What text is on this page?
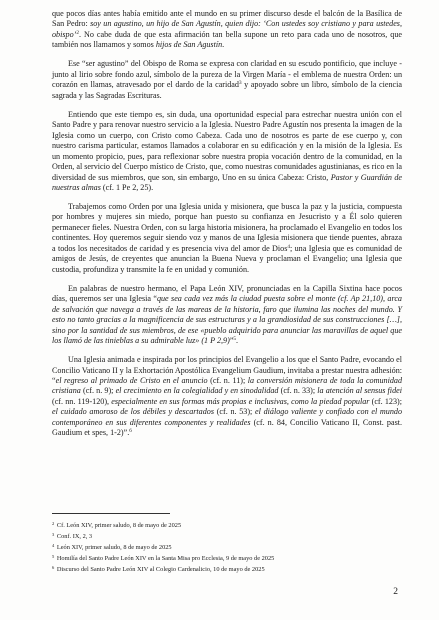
que pocos días antes había emitido ante el mundo en su primer discurso desde el balcón de la Basílica de San Pedro: soy un agustino, un hijo de San Agustín, quien dijo: ‘Con ustedes soy cristiano y para ustedes, obispo’$^2$. No cabe duda de que esta afirmación tan bella supone un reto para cada uno de nosotros, que también nos llamamos y somos hijos de San Agustín.

Ese “ser agustino” del Obispo de Roma se expresa con claridad en su escudo pontificio, que incluye - junto al lirio sobre fondo azul, símbolo de la pureza de la Virgen María - el emblema de nuestra Orden: un corazón en llamas, atravesado por el dardo de la caridad$^3$ y apoyado sobre un libro, símbolo de la ciencia sagrada y las Sagradas Escrituras.

Entiendo que este tiempo es, sin duda, una oportunidad especial para estrechar nuestra unión con el Santo Padre y para renovar nuestro servicio a la Iglesia. Nuestro Padre Agustín nos presenta la imagen de la Iglesia como un cuerpo, con Cristo como Cabeza. Cada uno de nosotros es parte de ese cuerpo y, con nuestro carisma particular, estamos llamados a colaborar en su edificación y en la misión de la Iglesia. Es un momento propicio, pues, para reflexionar sobre nuestra propia vocación dentro de la comunidad, en la Orden, al servicio del Cuerpo místico de Cristo, que, como nuestras comunidades agustinianas, es rico en la diversidad de sus miembros, que son, sin embargo, Uno en su única Cabeza: Cristo, Pastor y Guardián de nuestras almas (cf. 1 Pe 2, 25).

Trabajemos como Orden por una Iglesia unida y misionera, que busca la paz y la justicia, compuesta por hombres y mujeres sin miedo, porque han puesto su confianza en Jesucristo y a Él solo quieren permanecer fieles. Nuestra Orden, con su larga historia misionera, ha proclamado el Evangelio en todos los continentes. Hoy queremos seguir siendo voz y manos de una Iglesia misionera que tiende puentes, abraza a todos los necesitados de caridad y es presencia viva del amor de Dios$^4$; una Iglesia que es comunidad de amigos de Jesús, de creyentes que anuncian la Buena Nueva y proclaman el Evangelio; una Iglesia que custodia, profundiza y transmite la fe en unidad y comunión.

En palabras de nuestro hermano, el Papa León XIV, pronunciadas en la Capilla Sixtina hace pocos días, queremos ser una Iglesia “que sea cada vez más la ciudad puesta sobre el monte (cf. Ap 21,10), arca de salvación que navega a través de las mareas de la historia, faro que ilumina las noches del mundo. Y esto no tanto gracias a la magnificencia de sus estructuras y a la grandiosidad de sus construcciones […], sino por la santidad de sus miembros, de ese «pueblo adquirido para anunciar las maravillas de aquel que los llamó de las tinieblas a su admirable luz» (1 P 2,9)”$^5$.

Una Iglesia animada e inspirada por los principios del Evangelio a los que el Santo Padre, evocando el Concilio Vaticano II y la Exhortación Apostólica Evangelium Gaudium, invitaba a prestar nuestra adhesión: “el regreso al primado de Cristo en el anuncio (cf. n. 11); la conversión misionera de toda la comunidad cristiana (cf. n. 9); el crecimiento en la colegialidad y en sinodalidad (cf. n. 33); la atención al sensus fidei (cf. nn. 119-120), especialmente en sus formas más propias e inclusivas, como la piedad popular (cf. 123); el cuidado amoroso de los débiles y descartados (cf. n. 53); el diálogo valiente y confiado con el mundo contemporáneo en sus diferentes componentes y realidades (cf. n. 84, Concilio Vaticano II, Const. past. Gaudium et spes, 1-2)”.$^6$

$^2$ Cf. León XIV, primer saludo, 8 de mayo de 2025
$^3$ Conf. IX, 2, 3
$^4$ León XIV, primer saludo, 8 de mayo de 2025
$^5$ Homilía del Santo Padre León XIV en la Santa Misa pro Ecclesia, 9 de mayo de 2025
$^6$ Discurso del Santo Padre León XIV al Colegio Cardenalicio, 10 de mayo de 2025
2
